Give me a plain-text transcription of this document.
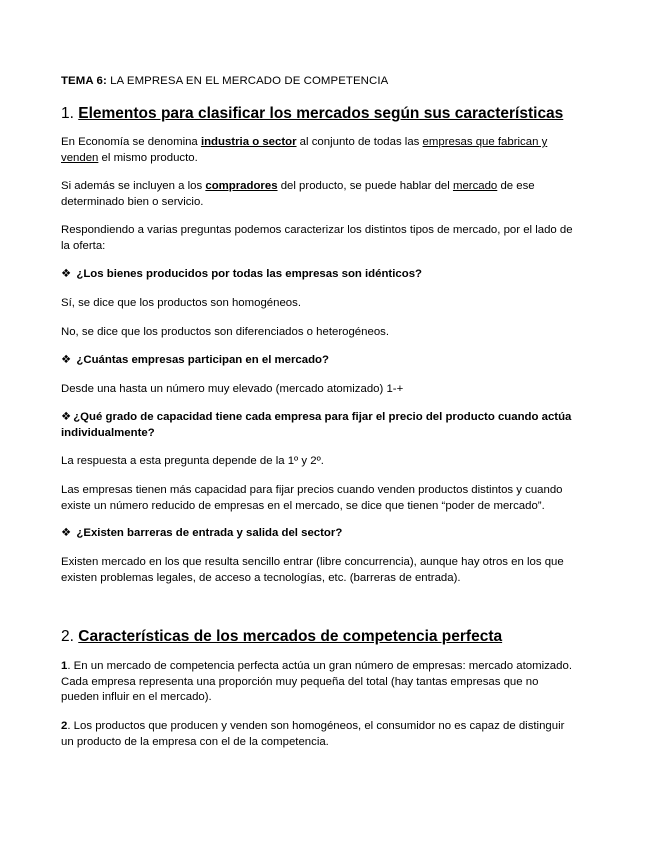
TEMA 6: LA EMPRESA EN EL MERCADO DE COMPETENCIA

1. Elementos para clasificar los mercados según sus características

En Economía se denomina industria o sector al conjunto de todas las empresas que fabrican y
venden el mismo producto.

Si además se incluyen a los compradores del producto, se puede hablar del mercado de ese
determinado bien o servicio.

Respondiendo a varias preguntas podemos caracterizar los distintos tipos de mercado, por el lado de
la oferta:

❖ ¿Los bienes producidos por todas las empresas son idénticos?

Sí, se dice que los productos son homogéneos.

No, se dice que los productos son diferenciados o heterogéneos.

❖ ¿Cuántas empresas participan en el mercado?

Desde una hasta un número muy elevado (mercado atomizado) 1-+

❖ ¿Qué grado de capacidad tiene cada empresa para fijar el precio del producto cuando actúa
individualmente?

La respuesta a esta pregunta depende de la 1º y 2º.

Las empresas tienen más capacidad para fijar precios cuando venden productos distintos y cuando
existe un número reducido de empresas en el mercado, se dice que tienen “poder de mercado”.

❖ ¿Existen barreras de entrada y salida del sector?

Existen mercado en los que resulta sencillo entrar (libre concurrencia), aunque hay otros en los que
existen problemas legales, de acceso a tecnologías, etc. (barreras de entrada).

2. Características de los mercados de competencia perfecta

1. En un mercado de competencia perfecta actúa un gran número de empresas: mercado atomizado.
Cada empresa representa una proporción muy pequeña del total (hay tantas empresas que no
pueden influir en el mercado).

2. Los productos que producen y venden son homogéneos, el consumidor no es capaz de distinguir
un producto de la empresa con el de la competencia.
